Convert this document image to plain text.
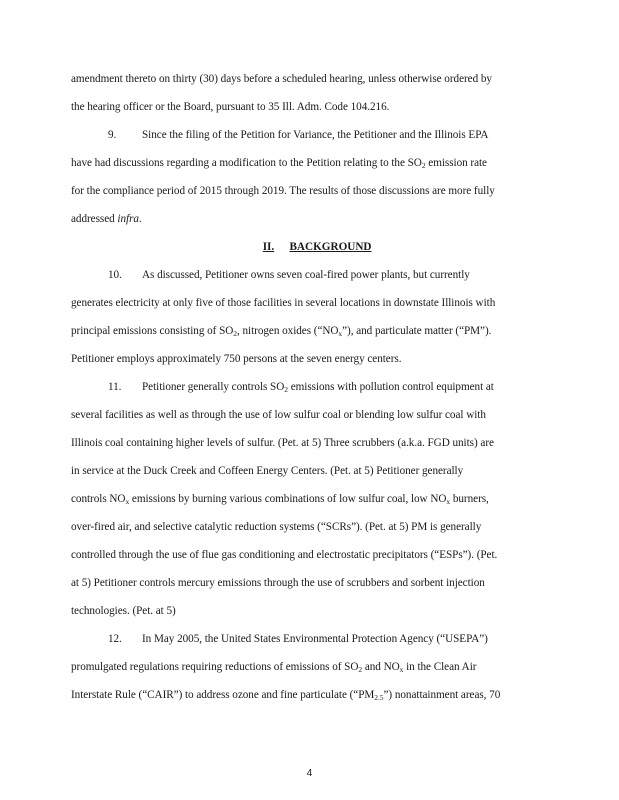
amendment thereto on thirty (30) days before a scheduled hearing, unless otherwise ordered by
the hearing officer or the Board, pursuant to 35 Ill. Adm. Code 104.216.
9. Since the filing of the Petition for Variance, the Petitioner and the Illinois EPA
have had discussions regarding a modification to the Petition relating to the $SO_2$ emission rate
for the compliance period of 2015 through 2019. The results of those discussions are more fully
addressed infra.
II. BACKGROUND
10. As discussed, Petitioner owns seven coal-fired power plants, but currently
generates electricity at only five of those facilities in several locations in downstate Illinois with
principal emissions consisting of $SO_2$, nitrogen oxides $(“NO_x”)$, and particulate matter (“PM”).
Petitioner employs approximately 750 persons at the seven energy centers.
11. Petitioner generally controls $SO_2$ emissions with pollution control equipment at
several facilities as well as through the use of low sulfur coal or blending low sulfur coal with
Illinois coal containing higher levels of sulfur. (Pet. at 5) Three scrubbers (a.k.a. FGD units) are
in service at the Duck Creek and Coffeen Energy Centers. (Pet. at 5) Petitioner generally
controls $NO_x$ emissions by burning various combinations of low sulfur coal, low $NO_x$ burners,
over-fired air, and selective catalytic reduction systems (“SCRs”). (Pet. at 5) PM is generally
controlled through the use of flue gas conditioning and electrostatic precipitators (“ESPs”). (Pet.
at 5) Petitioner controls mercury emissions through the use of scrubbers and sorbent injection
technologies. (Pet. at 5)
12. In May 2005, the United States Environmental Protection Agency (“USEPA”)
promulgated regulations requiring reductions of emissions of $SO_2$ and $NO_x$ in the Clean Air
Interstate Rule (“CAIR”) to address ozone and fine particulate $(“PM_{2.5}”)$ nonattainment areas, 70
4
